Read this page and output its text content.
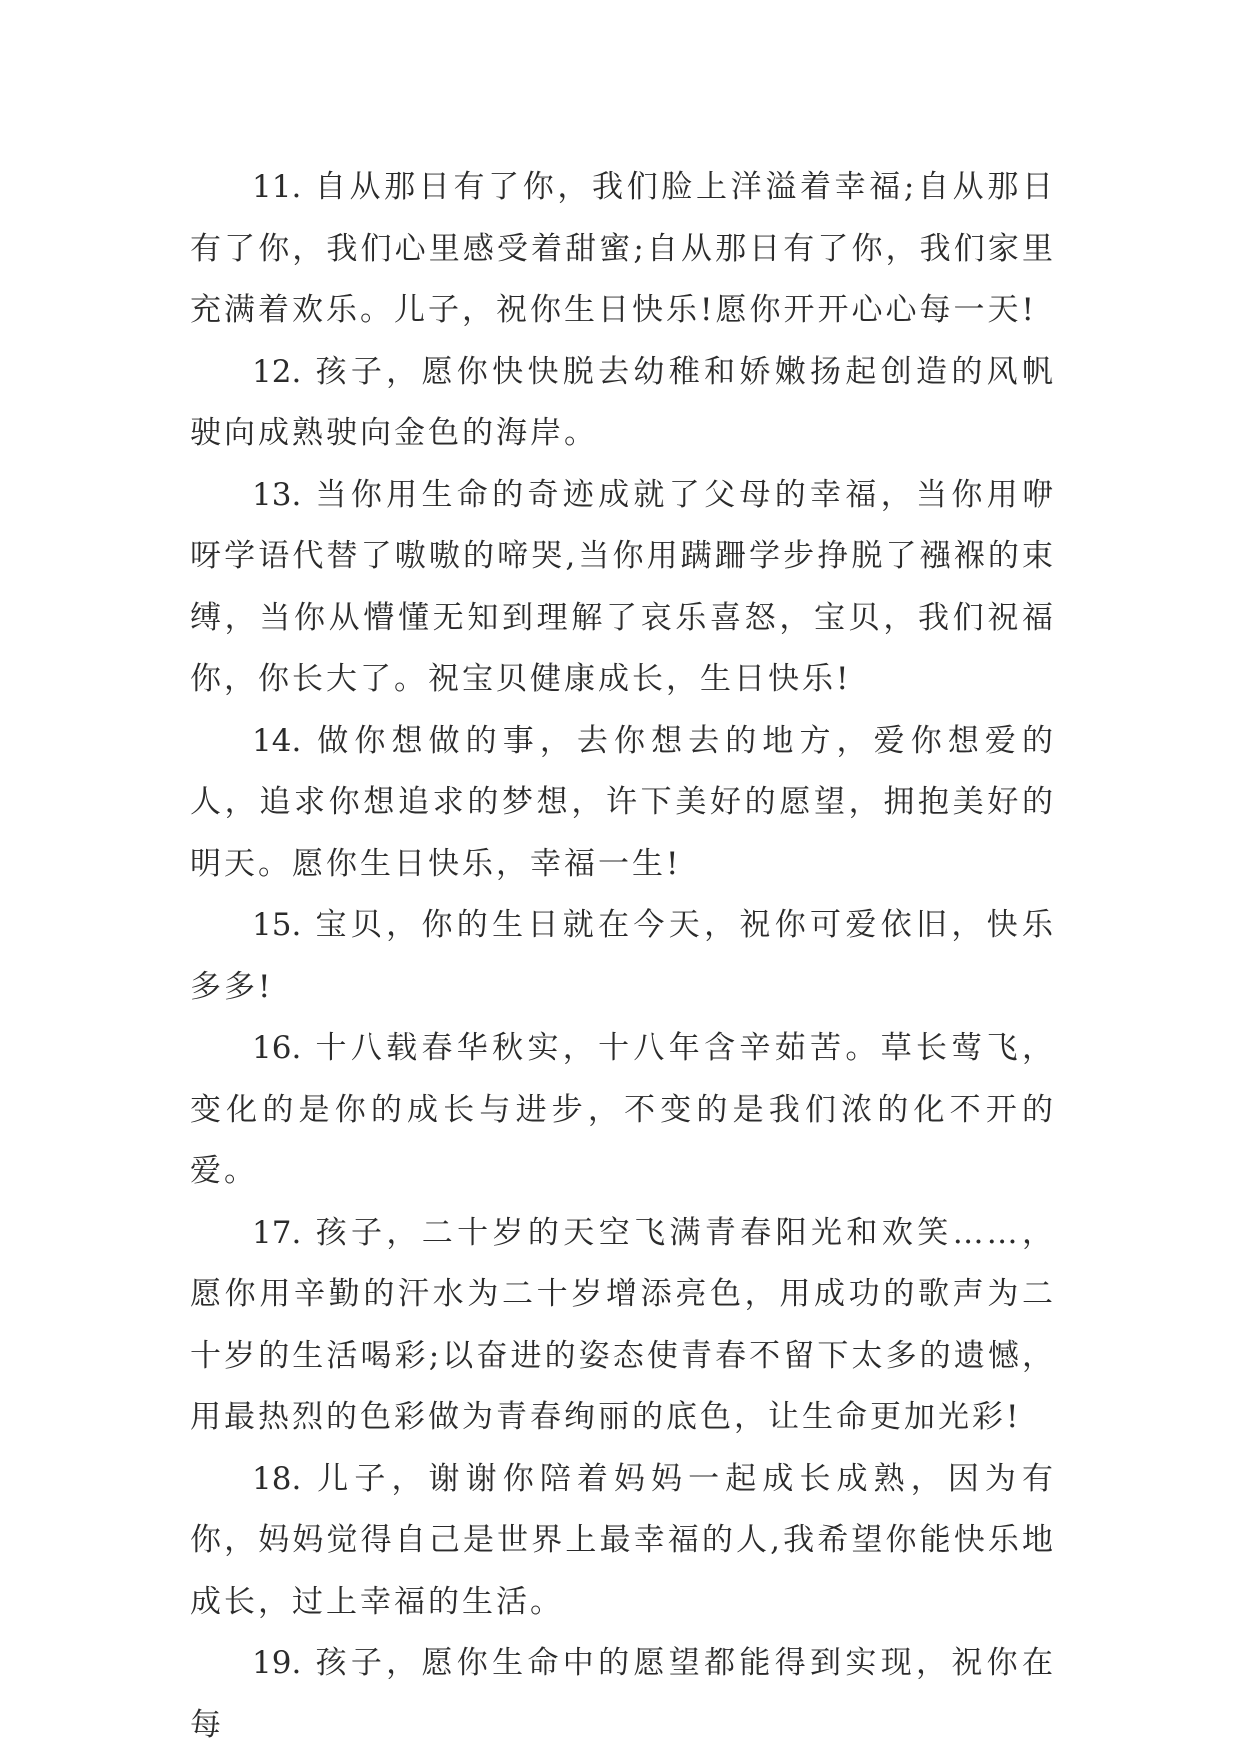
11. 自从那日有了你，我们脸上洋溢着幸福;自从那日有了你，我们心里感受着甜蜜;自从那日有了你，我们家里充满着欢乐。儿子，祝你生日快乐!愿你开开心心每一天!

12. 孩子，愿你快快脱去幼稚和娇嫩扬起创造的风帆驶向成熟驶向金色的海岸。

13. 当你用生命的奇迹成就了父母的幸福，当你用咿呀学语代替了嗷嗷的啼哭,当你用蹒跚学步挣脱了襁褓的束缚，当你从懵懂无知到理解了哀乐喜怒，宝贝，我们祝福你，你长大了。祝宝贝健康成长，生日快乐!

14. 做你想做的事，去你想去的地方，爱你想爱的人，追求你想追求的梦想，许下美好的愿望，拥抱美好的明天。愿你生日快乐，幸福一生!

15. 宝贝，你的生日就在今天，祝你可爱依旧，快乐多多!

16. 十八载春华秋实，十八年含辛茹苦。草长莺飞，变化的是你的成长与进步，不变的是我们浓的化不开的爱。

17. 孩子，二十岁的天空飞满青春阳光和欢笑……，愿你用辛勤的汗水为二十岁增添亮色，用成功的歌声为二十岁的生活喝彩;以奋进的姿态使青春不留下太多的遗憾，用最热烈的色彩做为青春绚丽的底色，让生命更加光彩!

18. 儿子，谢谢你陪着妈妈一起成长成熟，因为有你，妈妈觉得自己是世界上最幸福的人,我希望你能快乐地成长，过上幸福的生活。

19. 孩子，愿你生命中的愿望都能得到实现，祝你在每
